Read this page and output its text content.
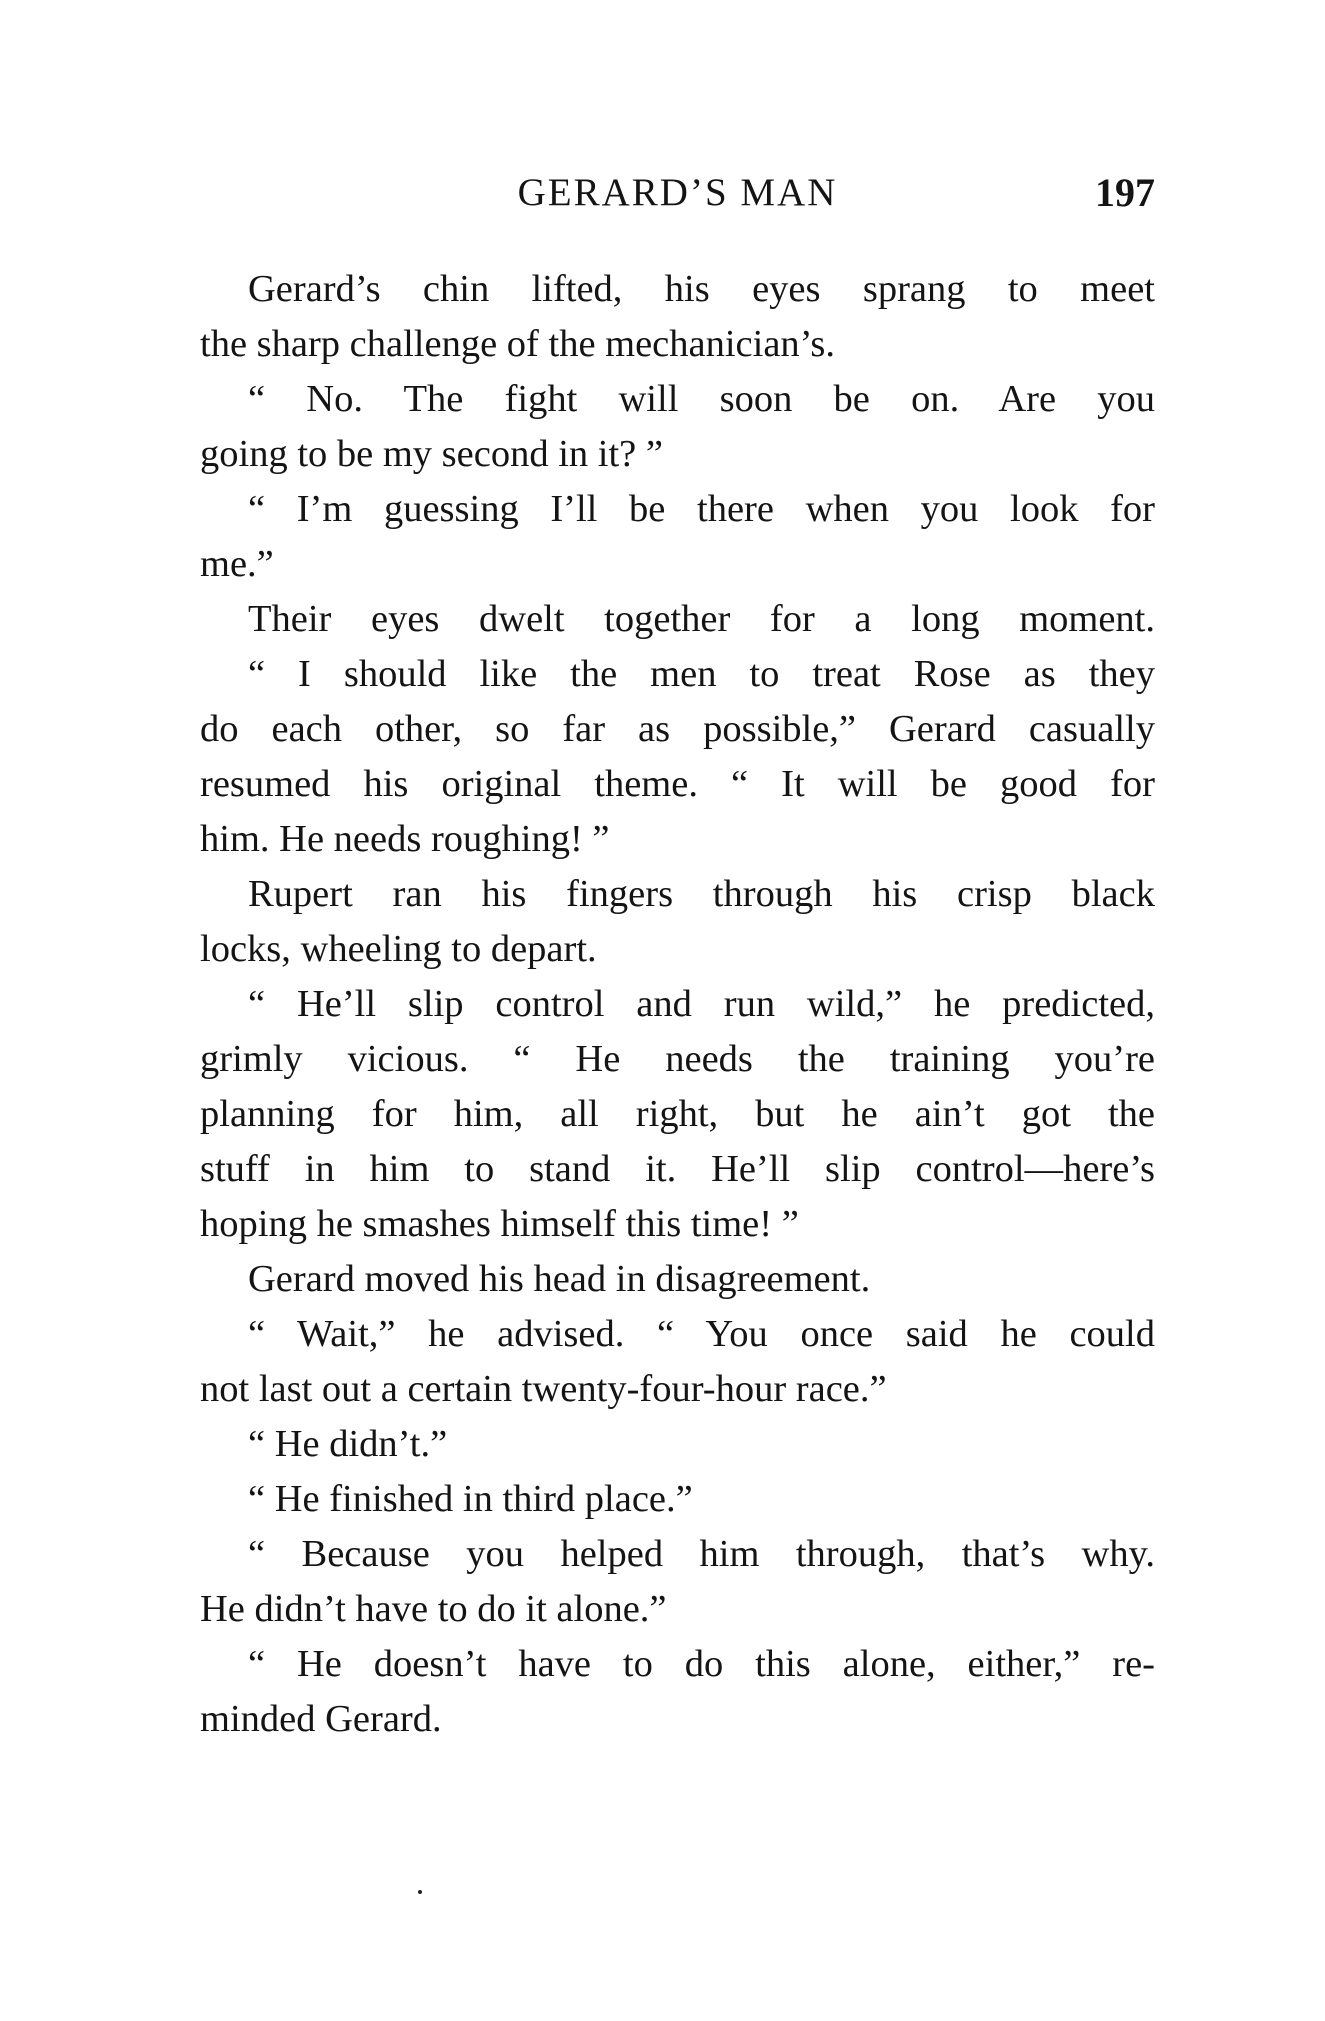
GERARD’S MAN	197
Gerard’s chin lifted, his eyes sprang to meet
the sharp challenge of the mechanician’s.
“ No. The fight will soon be on. Are you
going to be my second in it? ”
“ I’m guessing I’ll be there when you look for
me.”
Their eyes dwelt together for a long moment.
“ I should like the men to treat Rose as they
do each other, so far as possible,” Gerard casually
resumed his original theme. “ It will be good for
him. He needs roughing! ”
Rupert ran his fingers through his crisp black
locks, wheeling to depart.
“ He’ll slip control and run wild,” he predicted,
grimly vicious. “ He needs the training you’re
planning for him, all right, but he ain’t got the
stuff in him to stand it. He’ll slip control—here’s
hoping he smashes himself this time! ”
Gerard moved his head in disagreement.
“ Wait,” he advised. “ You once said he could
not last out a certain twenty-four-hour race.”
“ He didn’t.”
“ He finished in third place.”
“ Because you helped him through, that’s why.
He didn’t have to do it alone.”
“ He doesn’t have to do this alone, either,” re-
minded Gerard.
